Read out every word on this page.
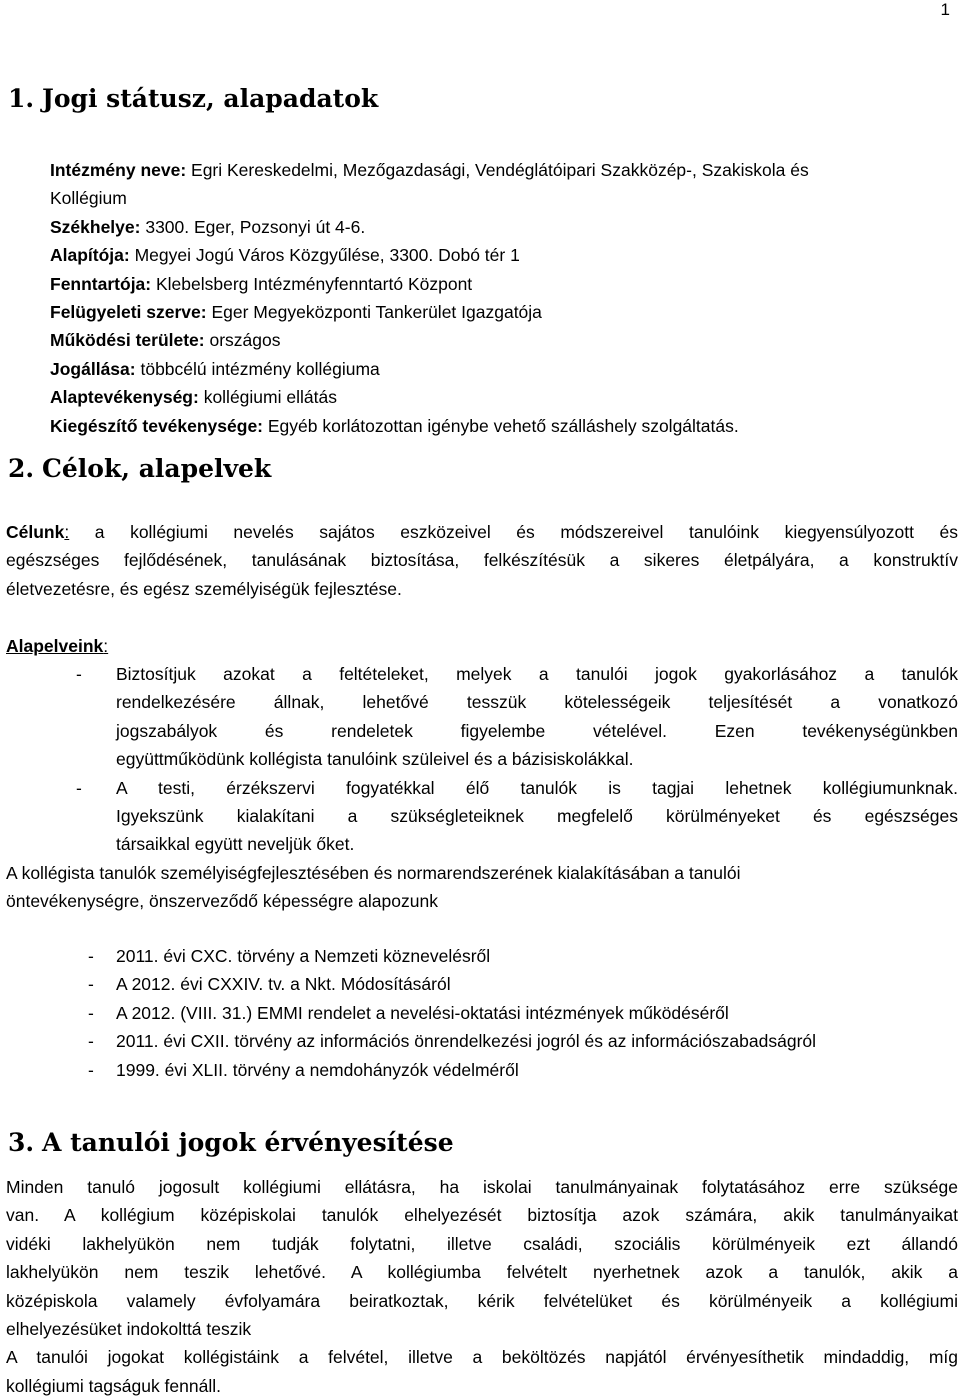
1
1. Jogi státusz, alapadatok
Intézmény neve: Egri Kereskedelmi, Mezőgazdasági, Vendéglátóipari Szakközép-, Szakiskola és
Kollégium
Székhelye: 3300. Eger, Pozsonyi út 4-6.
Alapítója: Megyei Jogú Város Közgyűlése, 3300. Dobó tér 1
Fenntartója: Klebelsberg Intézményfenntartó Központ
Felügyeleti szerve: Eger Megyeközponti Tankerület Igazgatója
Működési területe: országos
Jogállása: többcélú intézmény kollégiuma
Alaptevékenység: kollégiumi ellátás
Kiegészítő tevékenysége: Egyéb korlátozottan igénybe vehető szálláshely szolgáltatás.
2. Célok, alapelvek
Célunk: a kollégiumi nevelés sajátos eszközeivel és módszereivel tanulóink kiegyensúlyozott és
egészséges fejlődésének, tanulásának biztosítása, felkészítésük a sikeres életpályára, a konstruktív
életvezetésre, és egész személyiségük fejlesztése.
Alapelveink:
- Biztosítjuk azokat a feltételeket, melyek a tanulói jogok gyakorlásához a tanulók
rendelkezésére állnak, lehetővé tesszük kötelességeik teljesítését a vonatkozó
jogszabályok és rendeletek figyelembe vételével. Ezen tevékenységünkben
együttműködünk kollégista tanulóink szüleivel és a bázisiskolákkal.
- A testi, érzékszervi fogyatékkal élő tanulók is tagjai lehetnek kollégiumunknak.
Igyekszünk kialakítani a szükségleteiknek megfelelő körülményeket és egészséges
társaikkal együtt neveljük őket.
A kollégista tanulók személyiségfejlesztésében és normarendszerének kialakításában a tanulói
öntevékenységre, önszerveződő képességre alapozunk
- 2011. évi CXC. törvény a Nemzeti köznevelésről
- A 2012. évi CXXIV. tv. a Nkt. Módosításáról
- A 2012. (VIII. 31.) EMMI rendelet a nevelési-oktatási intézmények működéséről
- 2011. évi CXII. törvény az információs önrendelkezési jogról és az információszabadságról
- 1999. évi XLII. törvény a nemdohányzók védelméről
3. A tanulói jogok érvényesítése
Minden tanuló jogosult kollégiumi ellátásra, ha iskolai tanulmányainak folytatásához erre szüksége
van. A kollégium középiskolai tanulók elhelyezését biztosítja azok számára, akik tanulmányaikat
vidéki lakhelyükön nem tudják folytatni, illetve családi, szociális körülményeik ezt állandó
lakhelyükön nem teszik lehetővé. A kollégiumba felvételt nyerhetnek azok a tanulók, akik a
középiskola valamely évfolyamára beiratkoztak, kérik felvételüket és körülményeik a kollégiumi
elhelyezésüket indokolttá teszik
A tanulói jogokat kollégistáink a felvétel, illetve a beköltözés napjától érvényesíthetik mindaddig, míg
kollégiumi tagságuk fennáll.
